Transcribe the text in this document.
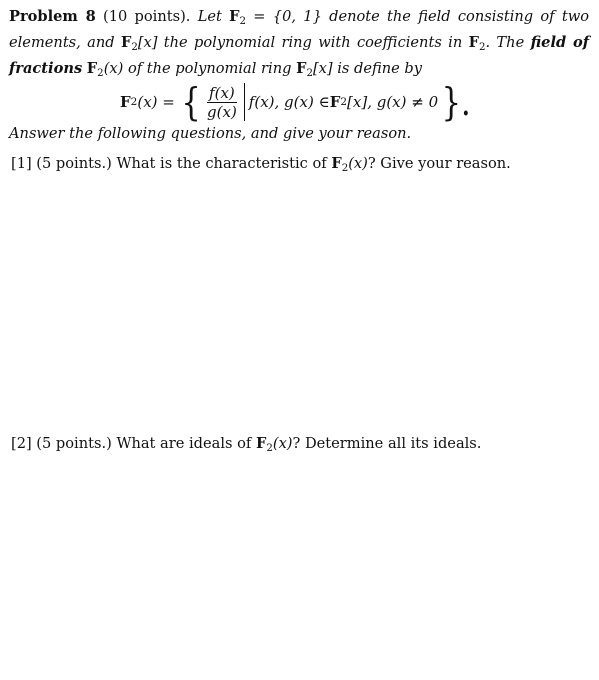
Problem 8 (10 points). Let $F_2 = \{0$, 1} denote the field consisting of two elements, and $F_2[x]$ the polynomial ring with coefficients in $F_2$. The field of fractions $F_2(x)$ of the polynomial ring $F_2[x]$ is define by
F 2 (x) = { $\frac{f(x)}{g(x)} f(x)$, g(x) ∈ F 2 [x], g(x) ≠ 0 }.
Answer the following questions, and give your reason.
[1] (5 points.) What is the characteristic of $F_2(x)$? Give your reason.
[2] (5 points.) What are ideals of $F_2(x)$? Determine all its ideals.
